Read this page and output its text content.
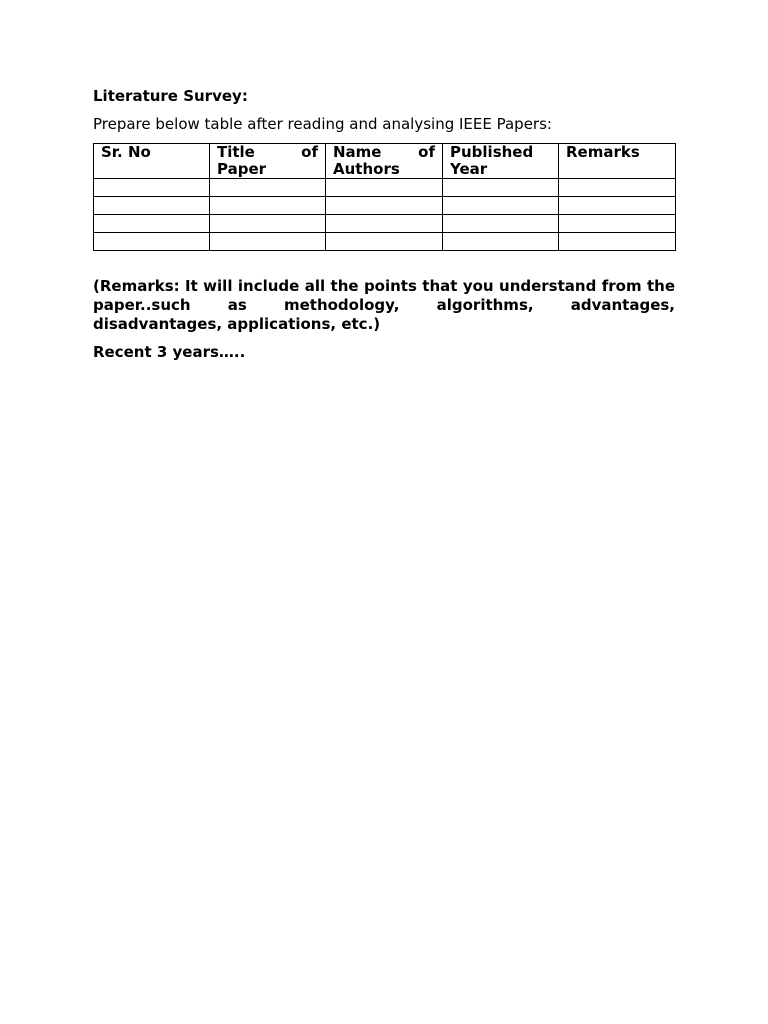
Literature Survey:

Prepare below table after reading and analysing IEEE Papers:

Sr. No	Title of Paper	Name of Authors	Published Year	Remarks

(Remarks: It will include all the points that you understand from the paper..such as methodology, algorithms, advantages, disadvantages, applications, etc.)

Recent 3 years…..
